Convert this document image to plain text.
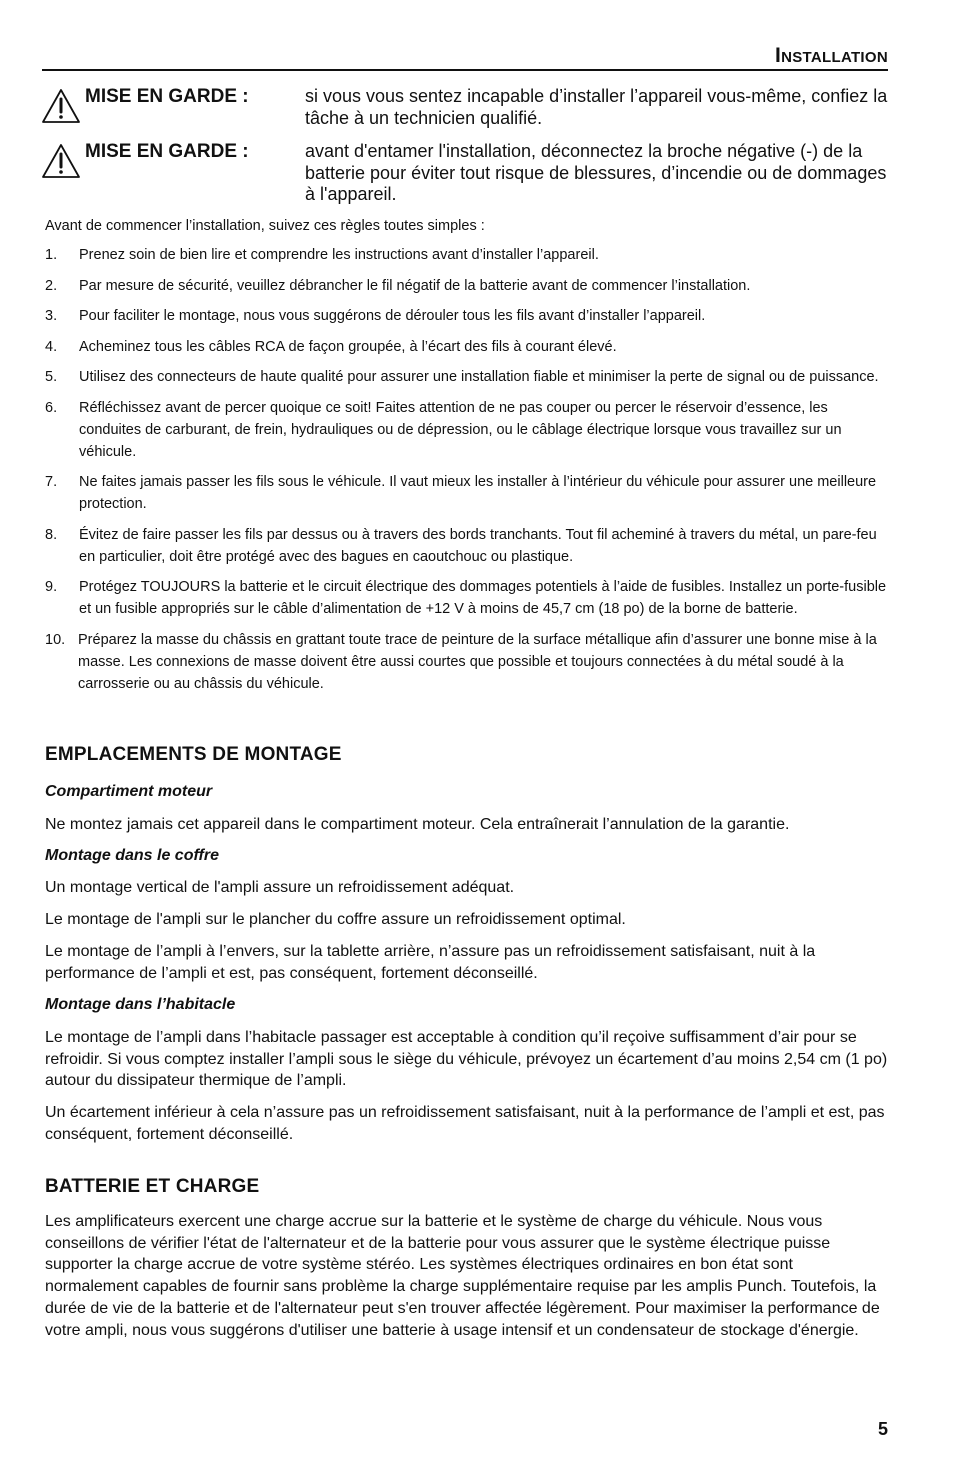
INSTALLATION
MISE EN GARDE :	si vous vous sentez incapable d’installer l’appareil vous-même, confiez la tâche à un technicien qualifié.
MISE EN GARDE :	avant d'entamer l'installation, déconnectez la broche négative (-) de la batterie pour éviter tout risque de blessures, d’incendie ou de dommages à l'appareil.
Avant de commencer l’installation, suivez ces règles toutes simples :
1. Prenez soin de bien lire et comprendre les instructions avant d’installer l’appareil.
2. Par mesure de sécurité, veuillez débrancher le fil négatif de la batterie avant de commencer l’installation.
3. Pour faciliter le montage, nous vous suggérons de dérouler tous les fils avant d’installer l’appareil.
4. Acheminez tous les câbles RCA de façon groupée, à l’écart des fils à courant élevé.
5. Utilisez des connecteurs de haute qualité pour assurer une installation fiable et minimiser la perte de signal ou de puissance.
6. Réfléchissez avant de percer quoique ce soit! Faites attention de ne pas couper ou percer le réservoir d’essence, les conduites de carburant, de frein, hydrauliques ou de dépression, ou le câblage électrique lorsque vous travaillez sur un véhicule.
7. Ne faites jamais passer les fils sous le véhicule. Il vaut mieux les installer à l’intérieur du véhicule pour assurer une meilleure protection.
8. Évitez de faire passer les fils par dessus ou à travers des bords tranchants. Tout fil acheminé à travers du métal, un pare-feu en particulier, doit être protégé avec des bagues en caoutchouc ou plastique.
9. Protégez TOUJOURS la batterie et le circuit électrique des dommages potentiels à l’aide de fusibles. Installez un porte-fusible et un fusible appropriés sur le câble d’alimentation de +12 V à moins de 45,7 cm (18 po) de la borne de batterie.
10. Préparez la masse du châssis en grattant toute trace de peinture de la surface métallique afin d’assurer une bonne mise à la masse. Les connexions de masse doivent être aussi courtes que possible et toujours connectées à du métal soudé à la carrosserie ou au châssis du véhicule.
EMPLACEMENTS DE MONTAGE
Compartiment moteur
Ne montez jamais cet appareil dans le compartiment moteur. Cela entraînerait l’annulation de la garantie.
Montage dans le coffre
Un montage vertical de l'ampli assure un refroidissement adéquat.
Le montage de l'ampli sur le plancher du coffre assure un refroidissement optimal.
Le montage de l’ampli à l’envers, sur la tablette arrière, n’assure pas un refroidissement satisfaisant, nuit à la performance de l’ampli et est, pas conséquent, fortement déconseillé.
Montage dans l’habitacle
Le montage de l’ampli dans l’habitacle passager est acceptable à condition qu’il reçoive suffisamment d’air pour se refroidir. Si vous comptez installer l’ampli sous le siège du véhicule, prévoyez un écartement d’au moins 2,54 cm (1 po) autour du dissipateur thermique de l’ampli.
Un écartement inférieur à cela n’assure pas un refroidissement satisfaisant, nuit à la performance de l’ampli et est, pas conséquent, fortement déconseillé.
BATTERIE ET CHARGE
Les amplificateurs exercent une charge accrue sur la batterie et le système de charge du véhicule. Nous vous conseillons de vérifier l'état de l'alternateur et de la batterie pour vous assurer que le système électrique puisse supporter la charge accrue de votre système stéréo. Les systèmes électriques ordinaires en bon état sont normalement capables de fournir sans problème la charge supplémentaire requise par les amplis Punch. Toutefois, la durée de vie de la batterie et de l'alternateur peut s'en trouver affectée légèrement. Pour maximiser la performance de votre ampli, nous vous suggérons d'utiliser une batterie à usage intensif et un condensateur de stockage d'énergie.
5
